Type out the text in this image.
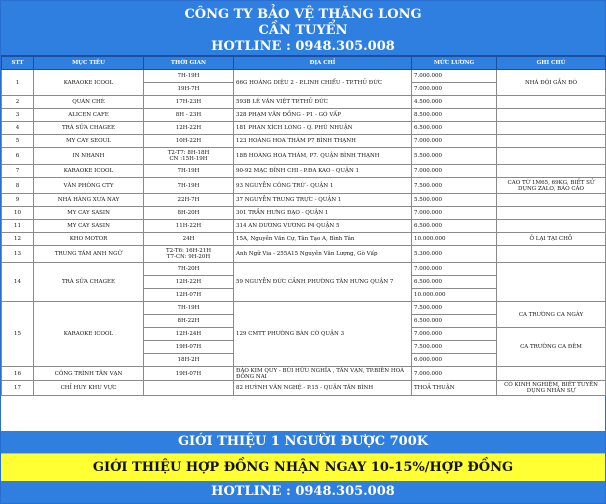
CÔNG TY BẢO VỆ THĂNG LONG
CẦN TUYỂN
HOTLINE : 0948.305.008
STT	MỤC TIÊU	THỜI GIAN	ĐỊA CHỈ	MỨC LƯƠNG	GHI CHÚ
1	KARAOKE ICOOL	7H-19H	66G HOÀNG DIỆU 2 - P.LINH CHIỂU - TP.THỦ ĐỨC	7.000.000	NHÀ ĐỘI GẦN ĐÓ
		19H-7H		7.000.000	
2	QUÁN CHÈ	17H-23H	593B LÊ VĂN VIỆT TP.THỦ ĐỨC	4.500.000	
3	ALICEN CAFE	8H - 23H	328 PHẠM VĂN ĐỒNG - P1 - GÒ VẤP	8.500.000	
4	TRÀ SỮA CHAGEE	12H-22H	181 PHAN XÍCH LONG - Q. PHÚ NHUẬN	6.500.000	
5	MY CAY SEOUL	10H-22H	123 HOÀNG HOA THÁM P7 BÌNH THẠNH	7.000.000	
6	IN NHANH	T2-T7: 8H-18H
CN :15H-19H	18B HOÀNG HOA THÁM, P7. QUẬN BÌNH THẠNH	5.500.000	
7	KARAOKE ICOOL	7H-19H	90-92 MẠC ĐĨNH CHI - P.ĐA KAO - QUẬN 1	7.000.000	
8	VĂN PHÒNG CTY	7H-19H	93 NGUYỄN CÔNG TRỨ - QUẬN 1	7.500.000	CAO TỪ 1M65, 69KG, BIẾT SỬ DỤNG ZALO, BÁO CÁO
9	NHÀ HÀNG XƯA NAY	22H-7H	37 NGUYỄN TRUNG TRỰC - QUẬN 1	5.500.000	
10	MY CAY SASIN	8H-20H	301 TRẦN HƯNG ĐẠO - QUẬN 1	7.000.000	
11	MY CAY SASIN	11H-22H	314 AN DƯƠNG VƯƠNG P4 QUẬN 5	6.500.000	
12	KHO MOTOR	24H	15A, Nguyễn Văn Cự, Tân Tạo A, Bình Tân	10.000.000	Ở LẠI TẠI CHỖ
13	TRUNG TÂM ANH NGỮ	T2-T6: 16H-21H
T7-CN: 9H-20H	Anh Ngữ Via - 255A15 Nguyễn Văn Lượng, Gò Vấp	5.300.000	
14	TRÀ SỮA CHAGEE	7H-20H	59 NGUYỄN ĐỨC CẢNH PHƯỜNG TÂN HƯNG QUẬN 7	7.000.000	
		12H-22H		6.500.000	
		12H-07H		10.000.000	
15	KARAOKE ICOOL	7H-19H	129 CMTT PHƯỜNG BÀN CỜ QUẬN 3	7.500.000	CA TRƯỜNG CA NGÀY
		8H-22H		6.500.000	
		12H-24H		7.000.000	CA TRƯỜNG CA ĐÊM
		19H-07H		7.500.000	
		18H-2H		6.000.000	
16	CÔNG TRÌNH TÂN VẠN	19H-07H	ĐẢO KIM QUY - BÙI HỮU NGHĨA , TÂN VẠN, TP.BIÊN HOÀ ĐỒNG NAI	7.000.000	
17	CHỈ HUY KHU VỰC		82 HUỲNH VĂN NGHỆ - P.15 - QUẬN TÂN BÌNH	THOẢ THUẬN	CÓ KINH NGHIỆM, BIẾT TUYỂN DỤNG NHÂN SỰ
GIỚI THIỆU 1 NGƯỜI ĐƯỢC 700K
GIỚI THIỆU HỢP ĐỒNG NHẬN NGAY 10-15%/HỢP ĐỒNG
HOTLINE : 0948.305.008
